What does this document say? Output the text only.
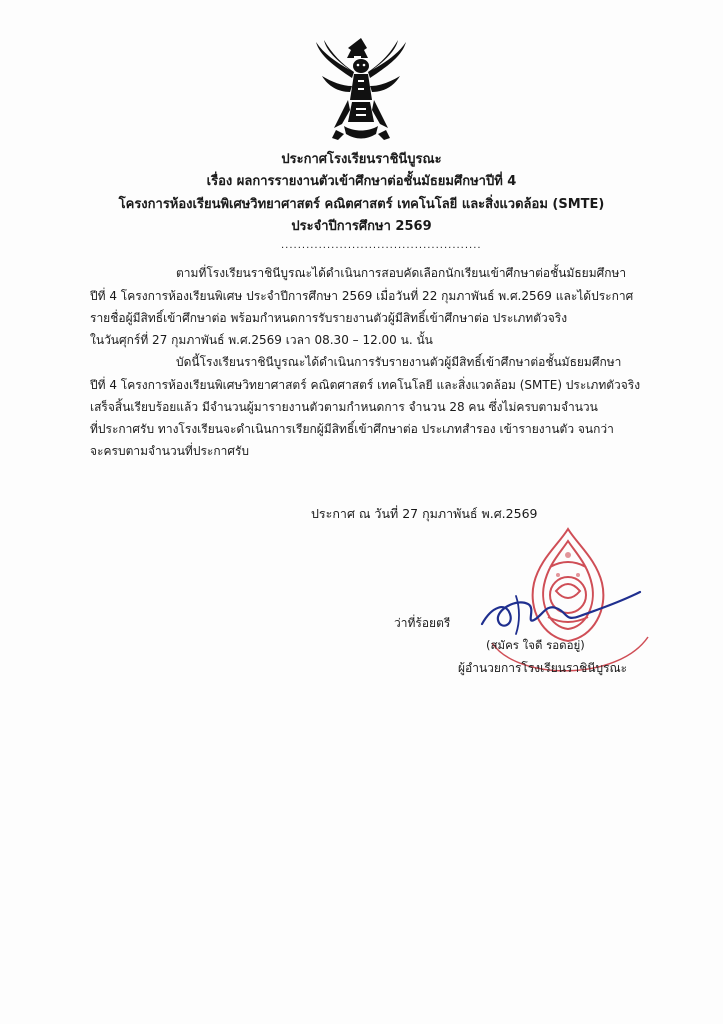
ประกาศโรงเรียนราชินีบูรณะ
เรื่อง ผลการรายงานตัวเข้าศึกษาต่อชั้นมัธยมศึกษาปีที่ 4
โครงการห้องเรียนพิเศษวิทยาศาสตร์ คณิตศาสตร์ เทคโนโลยี และสิ่งแวดล้อม (SMTE)
ประจำปีการศึกษา 2569
................................................
ตามที่โรงเรียนราชินีบูรณะได้ดำเนินการสอบคัดเลือกนักเรียนเข้าศึกษาต่อชั้นมัธยมศึกษา
ปีที่ 4 โครงการห้องเรียนพิเศษ ประจำปีการศึกษา 2569 เมื่อวันที่ 22 กุมภาพันธ์ พ.ศ.2569 และได้ประกาศ
รายชื่อผู้มีสิทธิ์เข้าศึกษาต่อ พร้อมกำหนดการรับรายงานตัวผู้มีสิทธิ์เข้าศึกษาต่อ ประเภทตัวจริง
ในวันศุกร์ที่ 27 กุมภาพันธ์ พ.ศ.2569 เวลา 08.30 – 12.00 น. นั้น
บัดนี้โรงเรียนราชินีบูรณะได้ดำเนินการรับรายงานตัวผู้มีสิทธิ์เข้าศึกษาต่อชั้นมัธยมศึกษา
ปีที่ 4 โครงการห้องเรียนพิเศษวิทยาศาสตร์ คณิตศาสตร์ เทคโนโลยี และสิ่งแวดล้อม (SMTE) ประเภทตัวจริง
เสร็จสิ้นเรียบร้อยแล้ว มีจำนวนผู้มารายงานตัวตามกำหนดการ จำนวน 28 คน ซึ่งไม่ครบตามจำนวน
ที่ประกาศรับ ทางโรงเรียนจะดำเนินการเรียกผู้มีสิทธิ์เข้าศึกษาต่อ ประเภทสำรอง เข้ารายงานตัว จนกว่า
จะครบตามจำนวนที่ประกาศรับ
ประกาศ ณ วันที่ 27 กุมภาพันธ์ พ.ศ.2569
ว่าที่ร้อยตรี
(สมัคร ใจดี รอดอยู่)
ผู้อำนวยการโรงเรียนราชินีบูรณะ
